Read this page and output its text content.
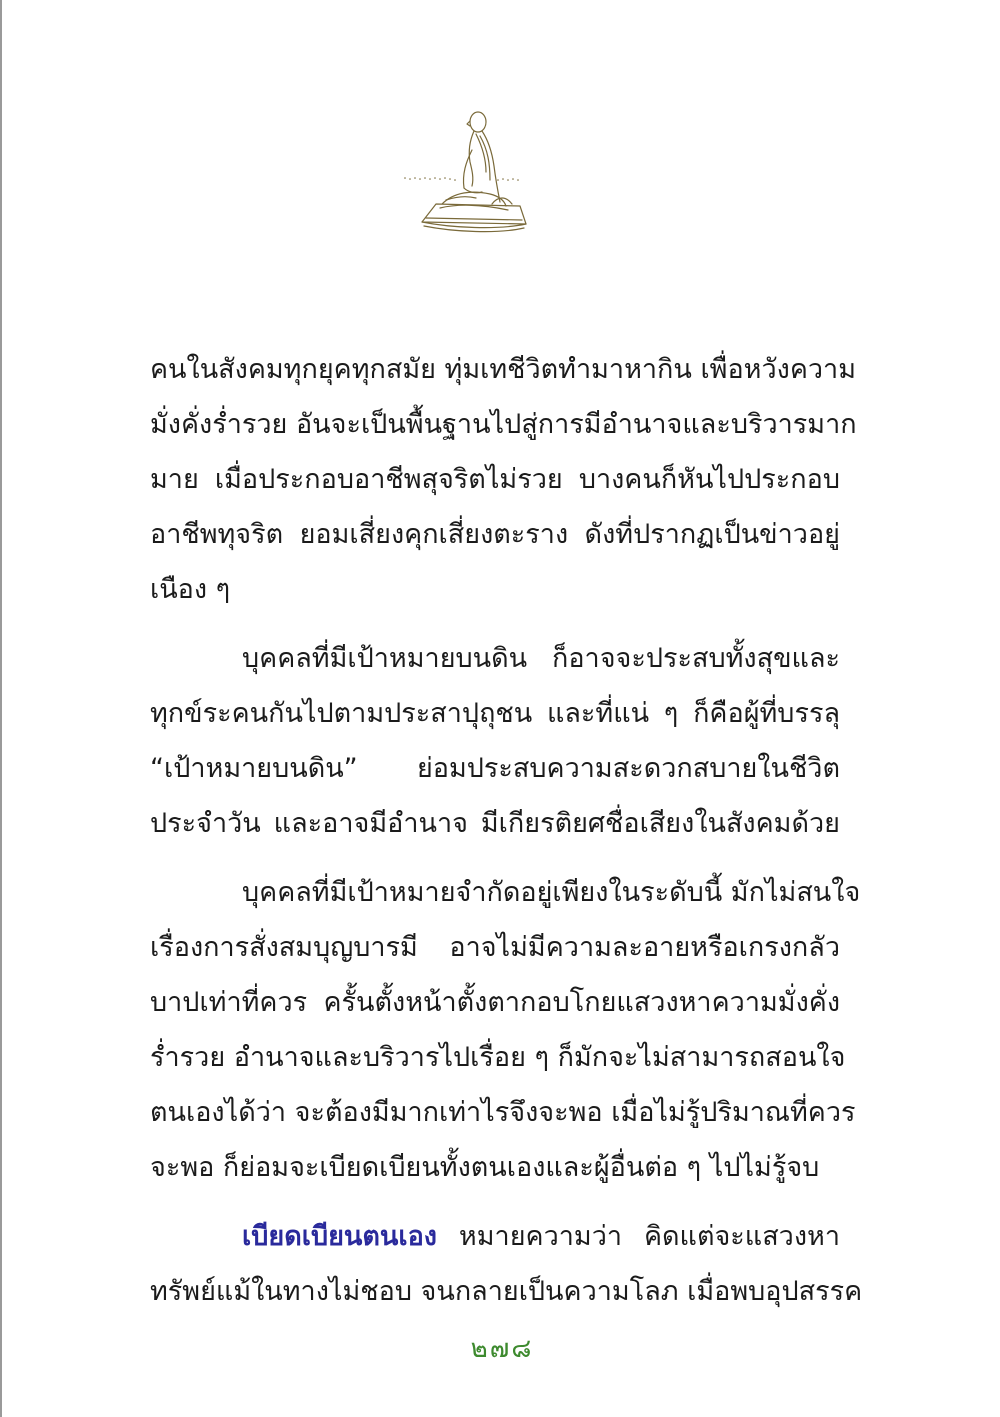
คนในสังคมทุกยุคทุกสมัย ทุ่มเทชีวิตทำมาหากิน เพื่อหวังความ
มั่งคั่งร่ำรวย อันจะเป็นพื้นฐานไปสู่การมีอำนาจและบริวารมาก
มาย เมื่อประกอบอาชีพสุจริตไม่รวย บางคนก็หันไปประกอบ
อาชีพทุจริต ยอมเสี่ยงคุกเสี่ยงตะราง ดังที่ปรากฏเป็นข่าวอยู่
เนือง ๆ

บุคคลที่มีเป้าหมายบนดิน ก็อาจจะประสบทั้งสุขและ
ทุกข์ระคนกันไปตามประสาปุถุชน และที่แน่ ๆ ก็คือผู้ที่บรรลุ
“เป้าหมายบนดิน” ย่อมประสบความสะดวกสบายในชีวิต
ประจำวัน และอาจมีอำนาจ มีเกียรติยศชื่อเสียงในสังคมด้วย

บุคคลที่มีเป้าหมายจำกัดอยู่เพียงในระดับนี้ มักไม่สนใจ
เรื่องการสั่งสมบุญบารมี อาจไม่มีความละอายหรือเกรงกลัว
บาปเท่าที่ควร ครั้นตั้งหน้าตั้งตากอบโกยแสวงหาความมั่งคั่ง
ร่ำรวย อำนาจและบริวารไปเรื่อย ๆ ก็มักจะไม่สามารถสอนใจ
ตนเองได้ว่า จะต้องมีมากเท่าไรจึงจะพอ เมื่อไม่รู้ปริมาณที่ควร
จะพอ ก็ย่อมจะเบียดเบียนทั้งตนเองและผู้อื่นต่อ ๆ ไปไม่รู้จบ

เบียดเบียนตนเอง หมายความว่า คิดแต่จะแสวงหา
ทรัพย์แม้ในทางไม่ชอบ จนกลายเป็นความโลภ เมื่อพบอุปสรรค

๒๗๘
